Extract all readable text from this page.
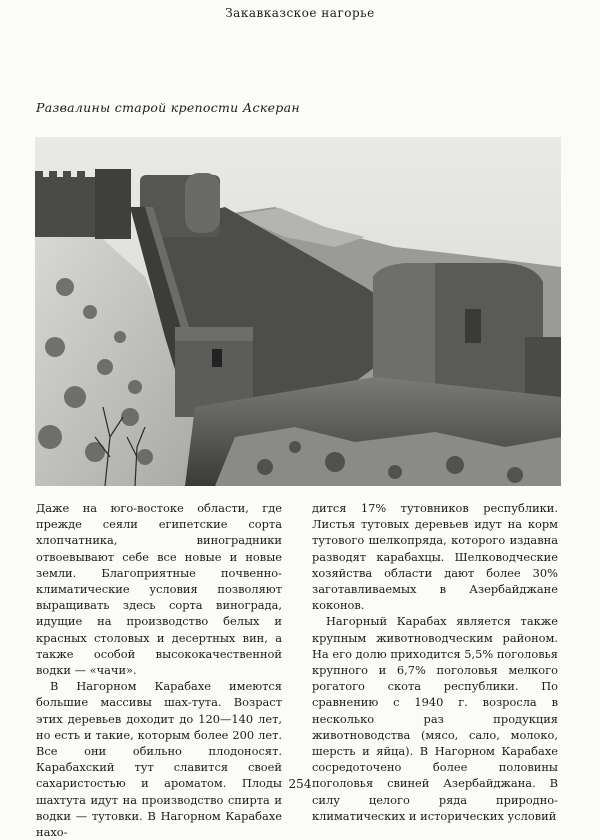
Закавказское нагорье
Развалины старой крепости Аскеран

Даже на юго-востоке области, где прежде сеяли египетские сорта хлопчатника, виноградники отвоевывают себе все новые и новые земли. Благоприятные почвенно-климатические условия позволяют выращивать здесь сорта винограда, идущие на производство белых и красных столовых и десертных вин, а также особой высококачественной водки — «чачи».

В Нагорном Карабахе имеются большие массивы шах-тута. Возраст этих деревьев доходит до 120—140 лет, но есть и такие, которым более 200 лет. Все они обильно плодоносят. Карабахский тут славится своей сахаристостью и ароматом. Плоды шахтута идут на производство спирта и водки — тутовки. В Нагорном Карабахе нахо-

дится 17% тутовников республики. Листья тутовых деревьев идут на корм тутового шелкопряда, которого издавна разводят карабахцы. Шелководческие хозяйства области дают более 30% заготавливаемых в Азербайджане коконов.

Нагорный Карабах является также крупным животноводческим районом. На его долю приходится 5,5% поголовья крупного и 6,7% поголовья мелкого рогатого скота республики. По сравнению с 1940 г. возросла в несколько раз продукция животноводства (мясо, сало, молоко, шерсть и яйца). В Нагорном Карабахе сосредоточено более половины поголовья свиней Азербайджана. В силу целого ряда природно-климатических и исторических условий

254
